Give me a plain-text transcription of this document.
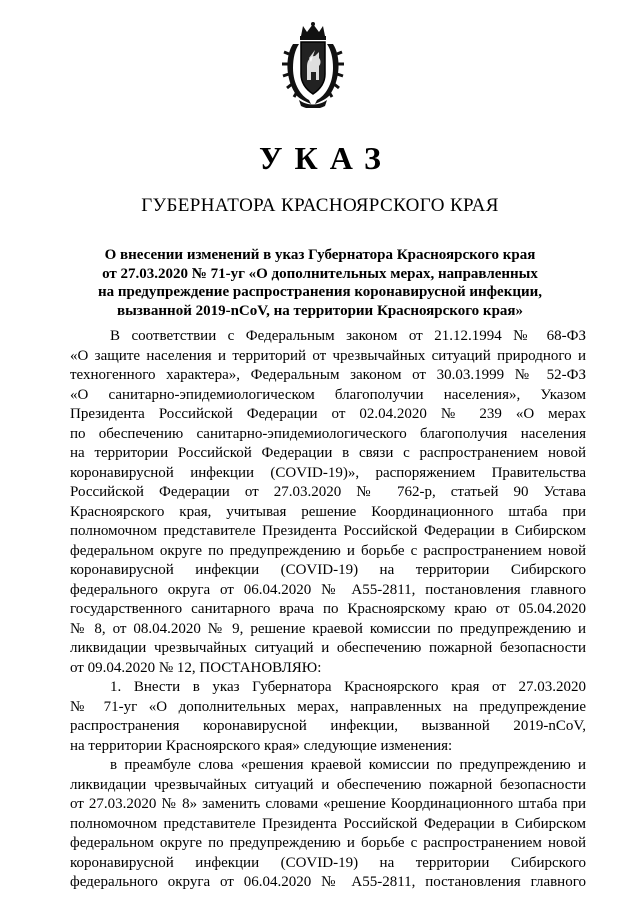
УКАЗ
ГУБЕРНАТОРА КРАСНОЯРСКОГО КРАЯ
О внесении изменений в указ Губернатора Красноярского края
от 27.03.2020 № 71-уг «О дополнительных мерах, направленных
на предупреждение распространения коронавирусной инфекции,
вызванной 2019-nCoV, на территории Красноярского края»
В соответствии с Федеральным законом от 21.12.1994 № 68-ФЗ
«О защите населения и территорий от чрезвычайных ситуаций природного и
техногенного характера», Федеральным законом от 30.03.1999 № 52-ФЗ
«О санитарно-эпидемиологическом благополучии населения», Указом
Президента Российской Федерации от 02.04.2020 № 239 «О мерах
по обеспечению санитарно-эпидемиологического благополучия населения
на территории Российской Федерации в связи с распространением новой
коронавирусной инфекции (COVID-19)», распоряжением Правительства
Российской Федерации от 27.03.2020 № 762-р, статьей 90 Устава
Красноярского края, учитывая решение Координационного штаба при
полномочном представителе Президента Российской Федерации в Сибирском
федеральном округе по предупреждению и борьбе с распространением новой
коронавирусной инфекции (COVID-19) на территории Сибирского
федерального округа от 06.04.2020 № А55-2811, постановления главного
государственного санитарного врача по Красноярскому краю от 05.04.2020
№ 8, от 08.04.2020 № 9, решение краевой комиссии по предупреждению и
ликвидации чрезвычайных ситуаций и обеспечению пожарной безопасности
от 09.04.2020 № 12, ПОСТАНОВЛЯЮ:
1. Внести в указ Губернатора Красноярского края от 27.03.2020
№ 71-уг «О дополнительных мерах, направленных на предупреждение
распространения коронавирусной инфекции, вызванной 2019-nCoV,
на территории Красноярского края» следующие изменения:
в преамбуле слова «решения краевой комиссии по предупреждению и
ликвидации чрезвычайных ситуаций и обеспечению пожарной безопасности
от 27.03.2020 № 8» заменить словами «решение Координационного штаба при
полномочном представителе Президента Российской Федерации в Сибирском
федеральном округе по предупреждению и борьбе с распространением новой
коронавирусной инфекции (COVID-19) на территории Сибирского
федерального округа от 06.04.2020 № А55-2811, постановления главного
